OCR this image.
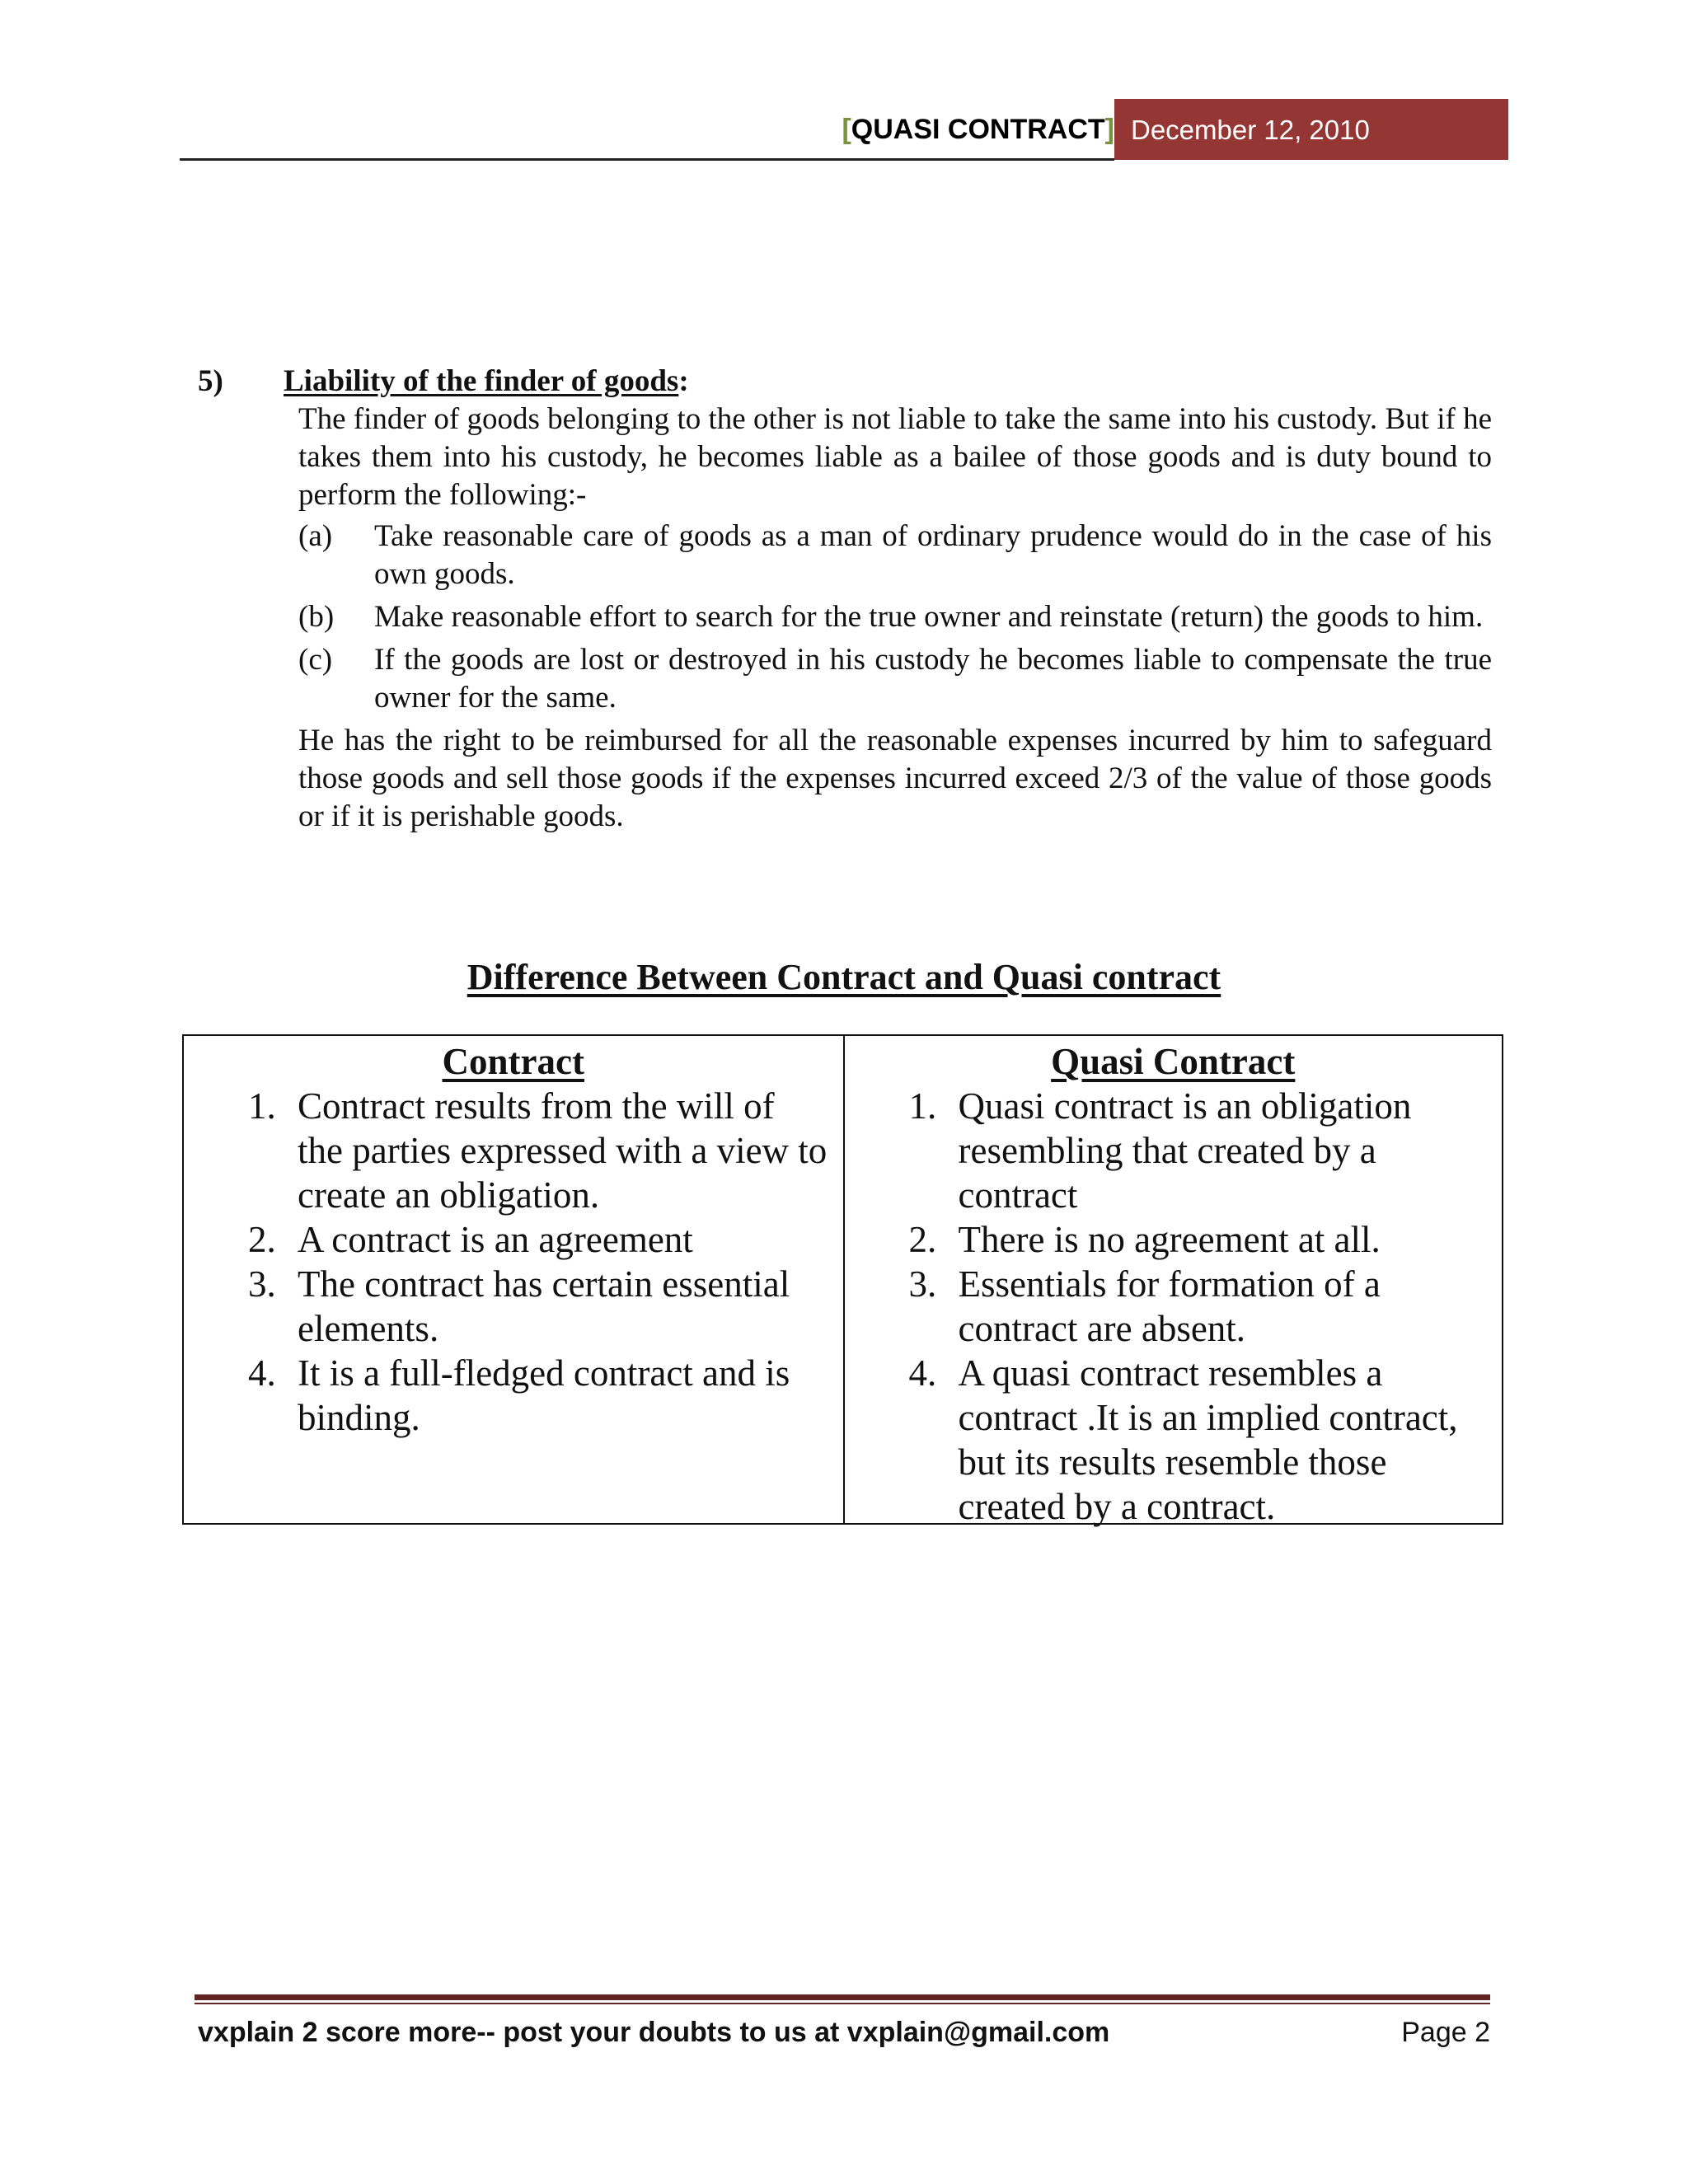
[QUASI CONTRACT] December 12, 2010
5) Liability of the finder of goods:

The finder of goods belonging to the other is not liable to take the same into his custody. But if he takes them into his custody, he becomes liable as a bailee of those goods and is duty bound to perform the following:-

(a) Take reasonable care of goods as a man of ordinary prudence would do in the case of his own goods.
(b) Make reasonable effort to search for the true owner and reinstate (return) the goods to him.
(c) If the goods are lost or destroyed in his custody he becomes liable to compensate the true owner for the same.

He has the right to be reimbursed for all the reasonable expenses incurred by him to safeguard those goods and sell those goods if the expenses incurred exceed 2/3 of the value of those goods or if it is perishable goods.

Difference Between Contract and Quasi contract
Contract
1. Contract results from the will of the parties expressed with a view to create an obligation.
2. A contract is an agreement
3. The contract has certain essential elements.
4. It is a full-fledged contract and is binding.
Quasi Contract
1. Quasi contract is an obligation resembling that created by a contract
2. There is no agreement at all.
3. Essentials for formation of a contract are absent.
4. A quasi contract resembles a contract .It is an implied contract, but its results resemble those created by a contract.
vxplain 2 score more-- post your doubts to us at vxplain@gmail.com	Page 2
